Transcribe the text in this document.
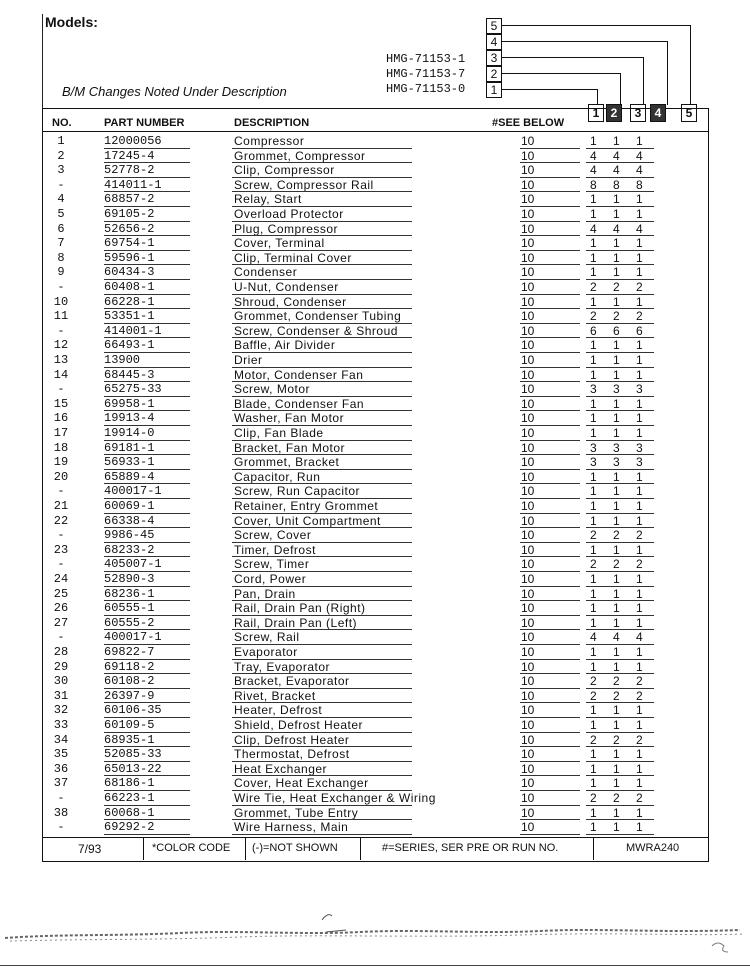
Models:
B/M Changes Noted Under Description
HMG-71153-1
HMG-71153-7
HMG-71153-0
5
4
3
2
1
NO.	PART NUMBER	DESCRIPTION	#SEE BELOW
1 2	3	4	5
1	12000056	Compressor	10	1 1 1
2	17245-4	Grommet, Compressor	10	4 4 4
3	52778-2	Clip, Compressor	10	4 4 4
-	414011-1	Screw, Compressor Rail	10	8 8 8
4	68857-2	Relay, Start	10	1 1 1
5	69105-2	Overload Protector	10	1 1 1
6	52656-2	Plug, Compressor	10	4 4 4
7	69754-1	Cover, Terminal	10	1 1 1
8	59596-1	Clip, Terminal Cover	10	1 1 1
9	60434-3	Condenser	10	1 1 1
-	60408-1	U-Nut, Condenser	10	2 2 2
10	66228-1	Shroud, Condenser	10	1 1 1
11	53351-1	Grommet, Condenser Tubing	10	2 2 2
-	414001-1	Screw, Condenser & Shroud	10	6 6 6
12	66493-1	Baffle, Air Divider	10	1 1 1
13	13900	Drier	10	1 1 1
14	68445-3	Motor, Condenser Fan	10	1 1 1
-	65275-33	Screw, Motor	10	3 3 3
15	69958-1	Blade, Condenser Fan	10	1 1 1
16	19913-4	Washer, Fan Motor	10	1 1 1
17	19914-0	Clip, Fan Blade	10	1 1 1
18	69181-1	Bracket, Fan Motor	10	3 3 3
19	56933-1	Grommet, Bracket	10	3 3 3
20	65889-4	Capacitor, Run	10	1 1 1
-	400017-1	Screw, Run Capacitor	10	1 1 1
21	60069-1	Retainer, Entry Grommet	10	1 1 1
22	66338-4	Cover, Unit Compartment	10	1 1 1
-	9986-45	Screw, Cover	10	2 2 2
23	68233-2	Timer, Defrost	10	1 1 1
-	405007-1	Screw, Timer	10	2 2 2
24	52890-3	Cord, Power	10	1 1 1
25	68236-1	Pan, Drain	10	1 1 1
26	60555-1	Rail, Drain Pan (Right)	10	1 1 1
27	60555-2	Rail, Drain Pan (Left)	10	1 1 1
-	400017-1	Screw, Rail	10	4 4 4
28	69822-7	Evaporator	10	1 1 1
29	69118-2	Tray, Evaporator	10	1 1 1
30	60108-2	Bracket, Evaporator	10	2 2 2
31	26397-9	Rivet, Bracket	10	2 2 2
32	60106-35	Heater, Defrost	10	1 1 1
33	60109-5	Shield, Defrost Heater	10	1 1 1
34	68935-1	Clip, Defrost Heater	10	2 2 2
35	52085-33	Thermostat, Defrost	10	1 1 1
36	65013-22	Heat Exchanger	10	1 1 1
37	68186-1	Cover, Heat Exchanger	10	1 1 1
-	66223-1	Wire Tie, Heat Exchanger & Wiring	10	2 2 2
38	60068-1	Grommet, Tube Entry	10	1 1 1
-	69292-2	Wire Harness, Main	10	1 1 1
7/93	*COLOR CODE (-)=NOT SHOWN	#=SERIES, SER PRE OR RUN NO.	MWRA240
